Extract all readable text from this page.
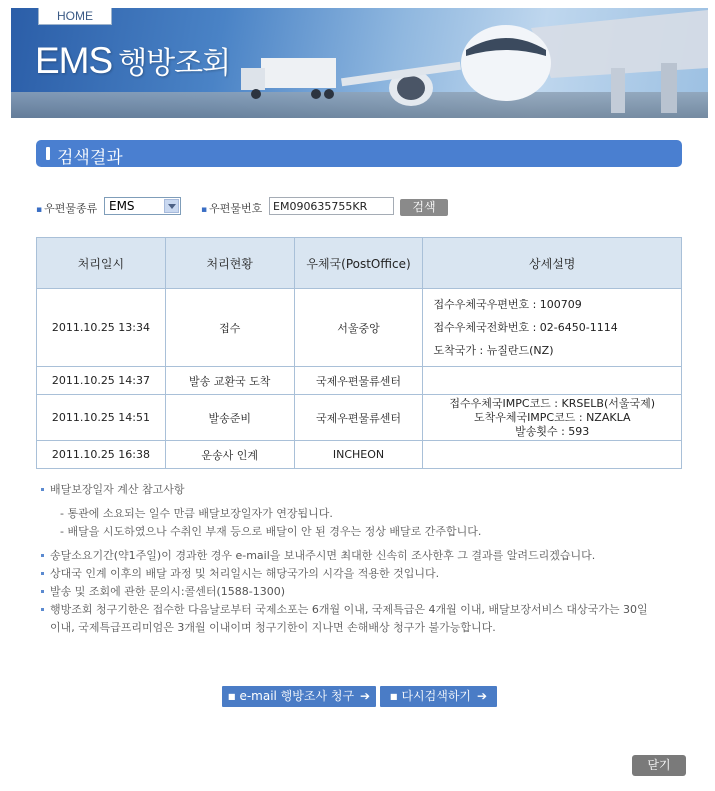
HOME
EMS 행방조회
검색결과
▪ 우편물종류 EMS	▪ 우편물번호 EM090635755KR	검색
처리일시	처리현황	우체국(PostOffice)	상세설명
2011.10.25 13:34	접수	서울중앙	접수우체국우편번호 : 100709
접수우체국전화번호 : 02-6450-1114
도착국가 : 뉴질란드(NZ)

2011.10.25 14:37	발송 교환국 도착	국제우편물류센터	
2011.10.25 14:51	발송준비	국제우편물류센터	접수우체국IMPC코드 : KRSELB(서울국제)
도착우체국IMPC코드 : NZAKLA
발송횟수 : 593

2011.10.25 16:38	운송사 인계	INCHEON	
배달보장일자 계산 참고사항
- 통관에 소요되는 일수 만큼 배달보장일자가 연장됩니다.
- 배달을 시도하였으나 수취인 부재 등으로 배달이 안 된 경우는 정상 배달로 간주합니다.
송달소요기간(약1주일)이 경과한 경우 e-mail을 보내주시면 최대한 신속히 조사한후 그 결과를 알려드리겠습니다.
상대국 인계 이후의 배달 과정 및 처리일시는 해당국가의 시각을 적용한 것입니다.
발송 및 조회에 관한 문의시:콜센터(1588-1300)
행방조회 청구기한은 접수한 다음날로부터 국제소포는 6개월 이내, 국제특급은 4개월 이내, 배달보장서비스 대상국가는 30일 이내, 국제특급프리미엄은 3개월 이내이며 청구기한이 지나면 손해배상 청구가 불가능합니다.
■ e-mail 행방조사 청구 ➔	■ 다시검색하기 ➔
닫기
